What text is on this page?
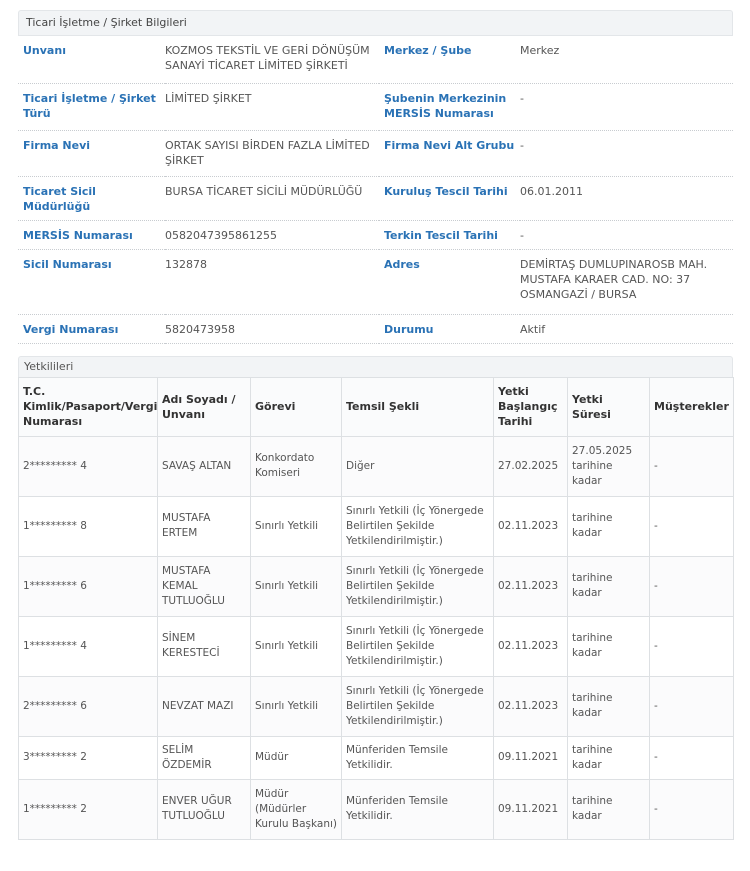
Ticari İşletme / Şirket Bilgileri
Unvanı	KOZMOS TEKSTİL VE GERİ DÖNÜŞÜM SANAYİ TİCARET LİMİTED ŞİRKETİ	Merkez / Şube	Merkez
Ticari İşletme / Şirket Türü	LİMİTED ŞİRKET	Şubenin Merkezinin MERSİS Numarası	-
Firma Nevi	ORTAK SAYISI BİRDEN FAZLA LİMİTED ŞİRKET	Firma Nevi Alt Grubu	-
Ticaret Sicil Müdürlüğü	BURSA TİCARET SİCİLİ MÜDÜRLÜĞÜ	Kuruluş Tescil Tarihi	06.01.2011
MERSİS Numarası	0582047395861255	Terkin Tescil Tarihi	-
Sicil Numarası	132878	Adres	DEMİRTAŞ DUMLUPINAROSB MAH. MUSTAFA KARAER CAD. NO: 37 OSMANGAZİ / BURSA
Vergi Numarası	5820473958	Durumu	Aktif
Yetkilileri
T.C. Kimlik/Pasaport/Vergi Numarası	Adı Soyadı / Unvanı	Görevi	Temsil Şekli	Yetki Başlangıç Tarihi	Yetki Süresi	Müşterekler
2********* 4	SAVAŞ ALTAN	Konkordato Komiseri	Diğer	27.02.2025	27.05.2025 tarihine kadar	-
1********* 8	MUSTAFA ERTEM	Sınırlı Yetkili	Sınırlı Yetkili (İç Yönergede Belirtilen Şekilde Yetkilendirilmiştir.)	02.11.2023	tarihine kadar	-
1********* 6	MUSTAFA KEMAL TUTLUOĞLU	Sınırlı Yetkili	Sınırlı Yetkili (İç Yönergede Belirtilen Şekilde Yetkilendirilmiştir.)	02.11.2023	tarihine kadar	-
1********* 4	SİNEM KERESTECİ	Sınırlı Yetkili	Sınırlı Yetkili (İç Yönergede Belirtilen Şekilde Yetkilendirilmiştir.)	02.11.2023	tarihine kadar	-
2********* 6	NEVZAT MAZI	Sınırlı Yetkili	Sınırlı Yetkili (İç Yönergede Belirtilen Şekilde Yetkilendirilmiştir.)	02.11.2023	tarihine kadar	-
3********* 2	SELİM ÖZDEMİR	Müdür	Münferiden Temsile Yetkilidir.	09.11.2021	tarihine kadar	-
1********* 2	ENVER UĞUR TUTLUOĞLU	Müdür (Müdürler Kurulu Başkanı)	Münferiden Temsile Yetkilidir.	09.11.2021	tarihine kadar	-
